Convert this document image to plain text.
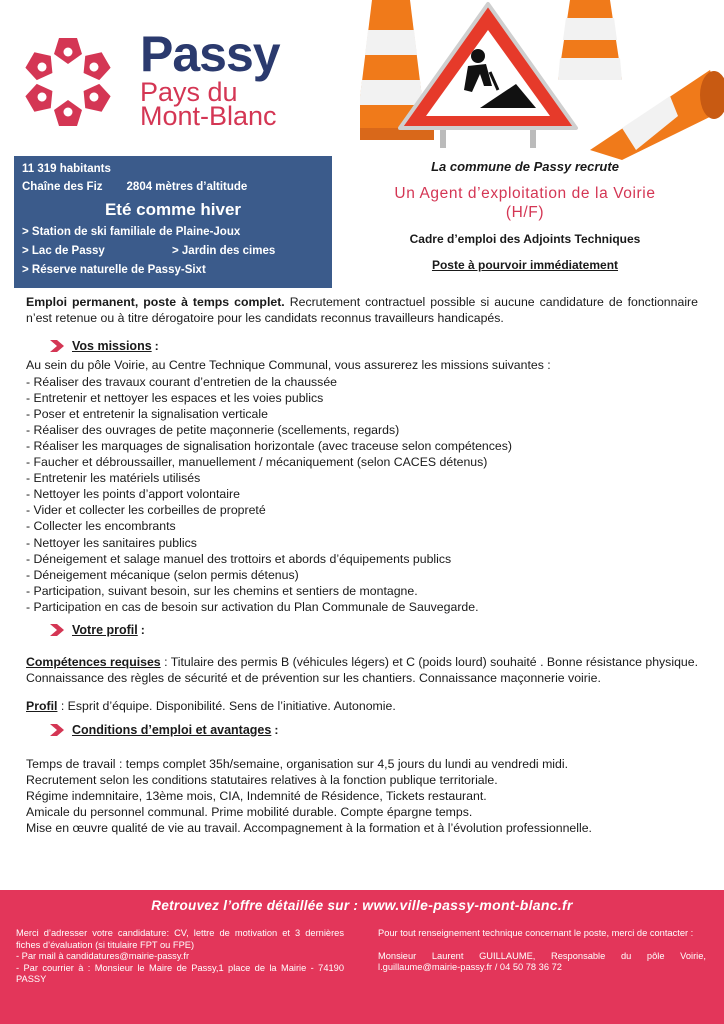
Passy
Pays du
Mont-Blanc
11 319 habitants
Chaîne des Fiz 2804 mètres d’altitude
Eté comme hiver
> Station de ski familiale de Plaine-Joux
> Lac de Passy	> Jardin des cimes
> Réserve naturelle de Passy-Sixt
La commune de Passy recrute
Un Agent d’exploitation de la Voirie
(H/F)
Cadre d’emploi des Adjoints Techniques
Poste à pourvoir immédiatement

Emploi permanent, poste à temps complet. Recrutement contractuel possible si aucune candidature de fonctionnaire n’est retenue ou à titre dérogatoire pour les candidats reconnus travailleurs handicapés.

Vos missions :

Au sein du pôle Voirie, au Centre Technique Communal, vous assurerez les missions suivantes :

- Réaliser des travaux courant d’entretien de la chaussée
- Entretenir et nettoyer les espaces et les voies publics
- Poser et entretenir la signalisation verticale
- Réaliser des ouvrages de petite maçonnerie (scellements, regards)
- Réaliser les marquages de signalisation horizontale (avec traceuse selon compétences)
- Faucher et débroussailler, manuellement / mécaniquement (selon CACES détenus)
- Entretenir les matériels utilisés
- Nettoyer les points d’apport volontaire
- Vider et collecter les corbeilles de propreté
- Collecter les encombrants
- Nettoyer les sanitaires publics
- Déneigement et salage manuel des trottoirs et abords d’équipements publics
- Déneigement mécanique (selon permis détenus)
- Participation, suivant besoin, sur les chemins et sentiers de montagne.
- Participation en cas de besoin sur activation du Plan Communale de Sauvegarde.
Votre profil :

Compétences requises : Titulaire des permis B (véhicules légers) et C (poids lourd) souhaité . Bonne résistance physique. Connaissance des règles de sécurité et de prévention sur les chantiers. Connaissance maçonnerie voirie.

Profil : Esprit d’équipe. Disponibilité. Sens de l’initiative. Autonomie.

Conditions d’emploi et avantages :

Temps de travail : temps complet 35h/semaine, organisation sur 4,5 jours du lundi au vendredi midi.

Recrutement selon les conditions statutaires relatives à la fonction publique territoriale.

Régime indemnitaire, 13ème mois, CIA, Indemnité de Résidence, Tickets restaurant.

Amicale du personnel communal. Prime mobilité durable. Compte épargne temps.

Mise en œuvre qualité de vie au travail. Accompagnement à la formation et à l’évolution professionnelle.

Retrouvez l’offre détaillée sur : www.ville-passy-mont-blanc.fr

Merci d’adresser votre candidature: CV, lettre de motivation et 3 dernières fiches d’évaluation (si titulaire FPT ou FPE)

- Par mail à candidatures@mairie-passy.fr

- Par courrier à : Monsieur le Maire de Passy,1 place de la Mairie - 74190 PASSY

Pour tout renseignement technique concernant le poste, merci de contacter :

Monsieur Laurent GUILLAUME, Responsable du pôle Voirie, l.guillaume@mairie-passy.fr / 04 50 78 36 72
